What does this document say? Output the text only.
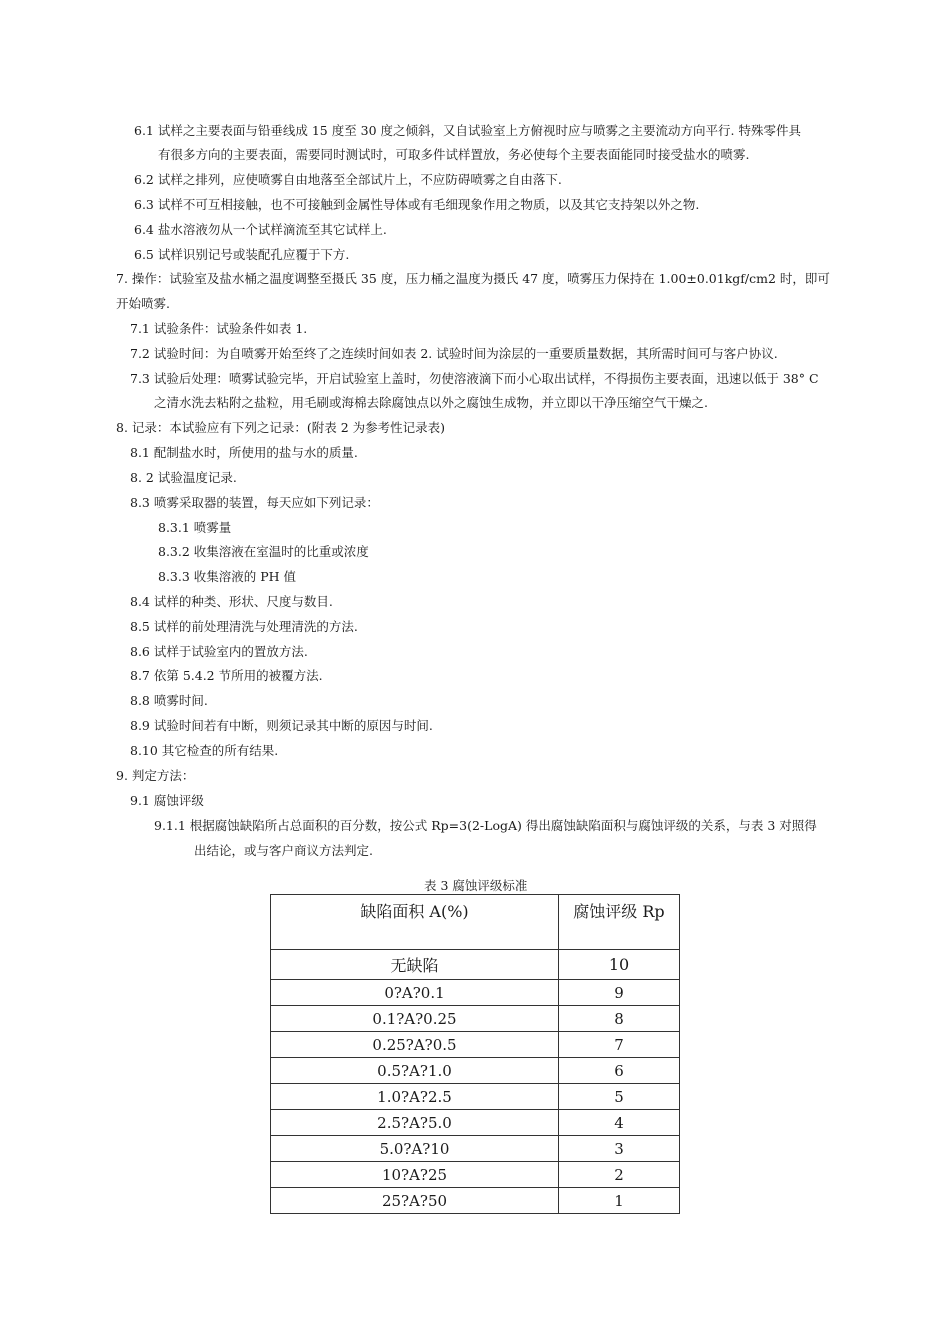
6.1 试样之主要表面与铅垂线成 15 度至 30 度之倾斜，又自试验室上方俯视时应与喷雾之主要流动方向平行. 特殊零件具
有很多方向的主要表面，需要同时测试时，可取多件试样置放，务必使每个主要表面能同时接受盐水的喷雾.
6.2 试样之排列，应使喷雾自由地落至全部试片上，不应防碍喷雾之自由落下.
6.3 试样不可互相接触，也不可接触到金属性导体或有毛细现象作用之物质，以及其它支持架以外之物.
6.4 盐水溶液勿从一个试样滴流至其它试样上.
6.5 试样识别记号或装配孔应覆于下方.
7. 操作：试验室及盐水桶之温度调整至摄氏 35 度，压力桶之温度为摄氏 47 度，喷雾压力保持在 1.00±0.01kgf/cm2 时，即可
开始喷雾.
7.1 试验条件：试验条件如表 1.
7.2 试验时间：为自喷雾开始至终了之连续时间如表 2. 试验时间为涂层的一重要质量数据，其所需时间可与客户协议.
7.3 试验后处理：喷雾试验完毕，开启试验室上盖时，勿使溶液滴下而小心取出试样，不得损伤主要表面，迅速以低于 38° C
之清水洗去粘附之盐粒，用毛刷或海棉去除腐蚀点以外之腐蚀生成物，并立即以干净压缩空气干燥之.
8. 记录：本试验应有下列之记录：(附表 2 为参考性记录表)
8.1 配制盐水时，所使用的盐与水的质量.
8. 2 试验温度记录.
8.3 喷雾采取器的装置，每天应如下列记录：
8.3.1 喷雾量
8.3.2 收集溶液在室温时的比重或浓度
8.3.3 收集溶液的 PH 值
8.4 试样的种类、形状、尺度与数目.
8.5 试样的前处理清洗与处理清洗的方法.
8.6 试样于试验室内的置放方法.
8.7 依第 5.4.2 节所用的被覆方法.
8.8 喷雾时间.
8.9 试验时间若有中断，则须记录其中断的原因与时间.
8.10 其它检查的所有结果.
9. 判定方法：
9.1 腐蚀评级
9.1.1 根据腐蚀缺陷所占总面积的百分数，按公式 Rp=3(2-LogA) 得出腐蚀缺陷面积与腐蚀评级的关系，与表 3 对照得
出结论，或与客户商议方法判定.
表 3 腐蚀评级标准
缺陷面积 A(%)	腐蚀评级 Rp
无缺陷	10
0?A?0.1	9
0.1?A?0.25	8
0.25?A?0.5	7
0.5?A?1.0	6
1.0?A?2.5	5
2.5?A?5.0	4
5.0?A?10	3
10?A?25	2
25?A?50	1
